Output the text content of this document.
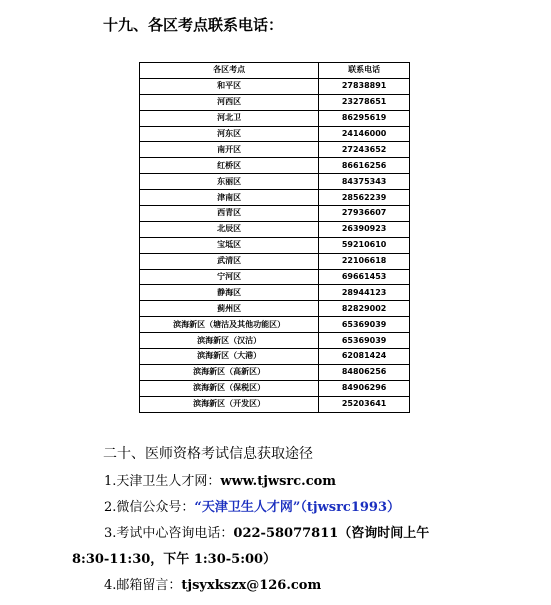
十九、各区考点联系电话：
各区考点	联系电话
和平区	27838891
河西区	23278651
河北卫	86295619
河东区	24146000
南开区	27243652
红桥区	86616256
东丽区	84375343
津南区	28562239
西青区	27936607
北辰区	26390923
宝坻区	59210610
武清区	22106618
宁河区	69661453
静海区	28944123
蓟州区	82829002
滨海新区（塘沽及其他功能区）	65369039
滨海新区（汉沽）	65369039
滨海新区（大港）	62081424
滨海新区（高新区）	84806256
滨海新区（保税区）	84906296
滨海新区（开发区）	25203641
二十、医师资格考试信息获取途径
1.天津卫生人才网：www.tjwsrc.com
2.微信公众号：“天津卫生人才网”（tjwsrc1993）
3.考试中心咨询电话：022-58077811（咨询时间上午
8:30-11:30，下午 1:30-5:00）
4.邮箱留言：tjsyxkszx@126.com
